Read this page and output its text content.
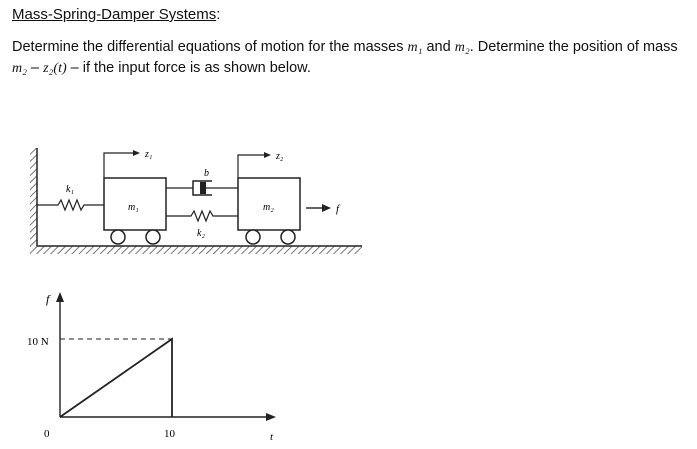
Mass-Spring-Damper Systems:
Determine the differential equations of motion for the masses m₁ and m₂. Determine the position of mass m₂ – z₂(t) – if the input force is as shown below.
k₁
m₁
z₁
b
k₂
m₂
z₂
f
f
t
10 N
0	10
